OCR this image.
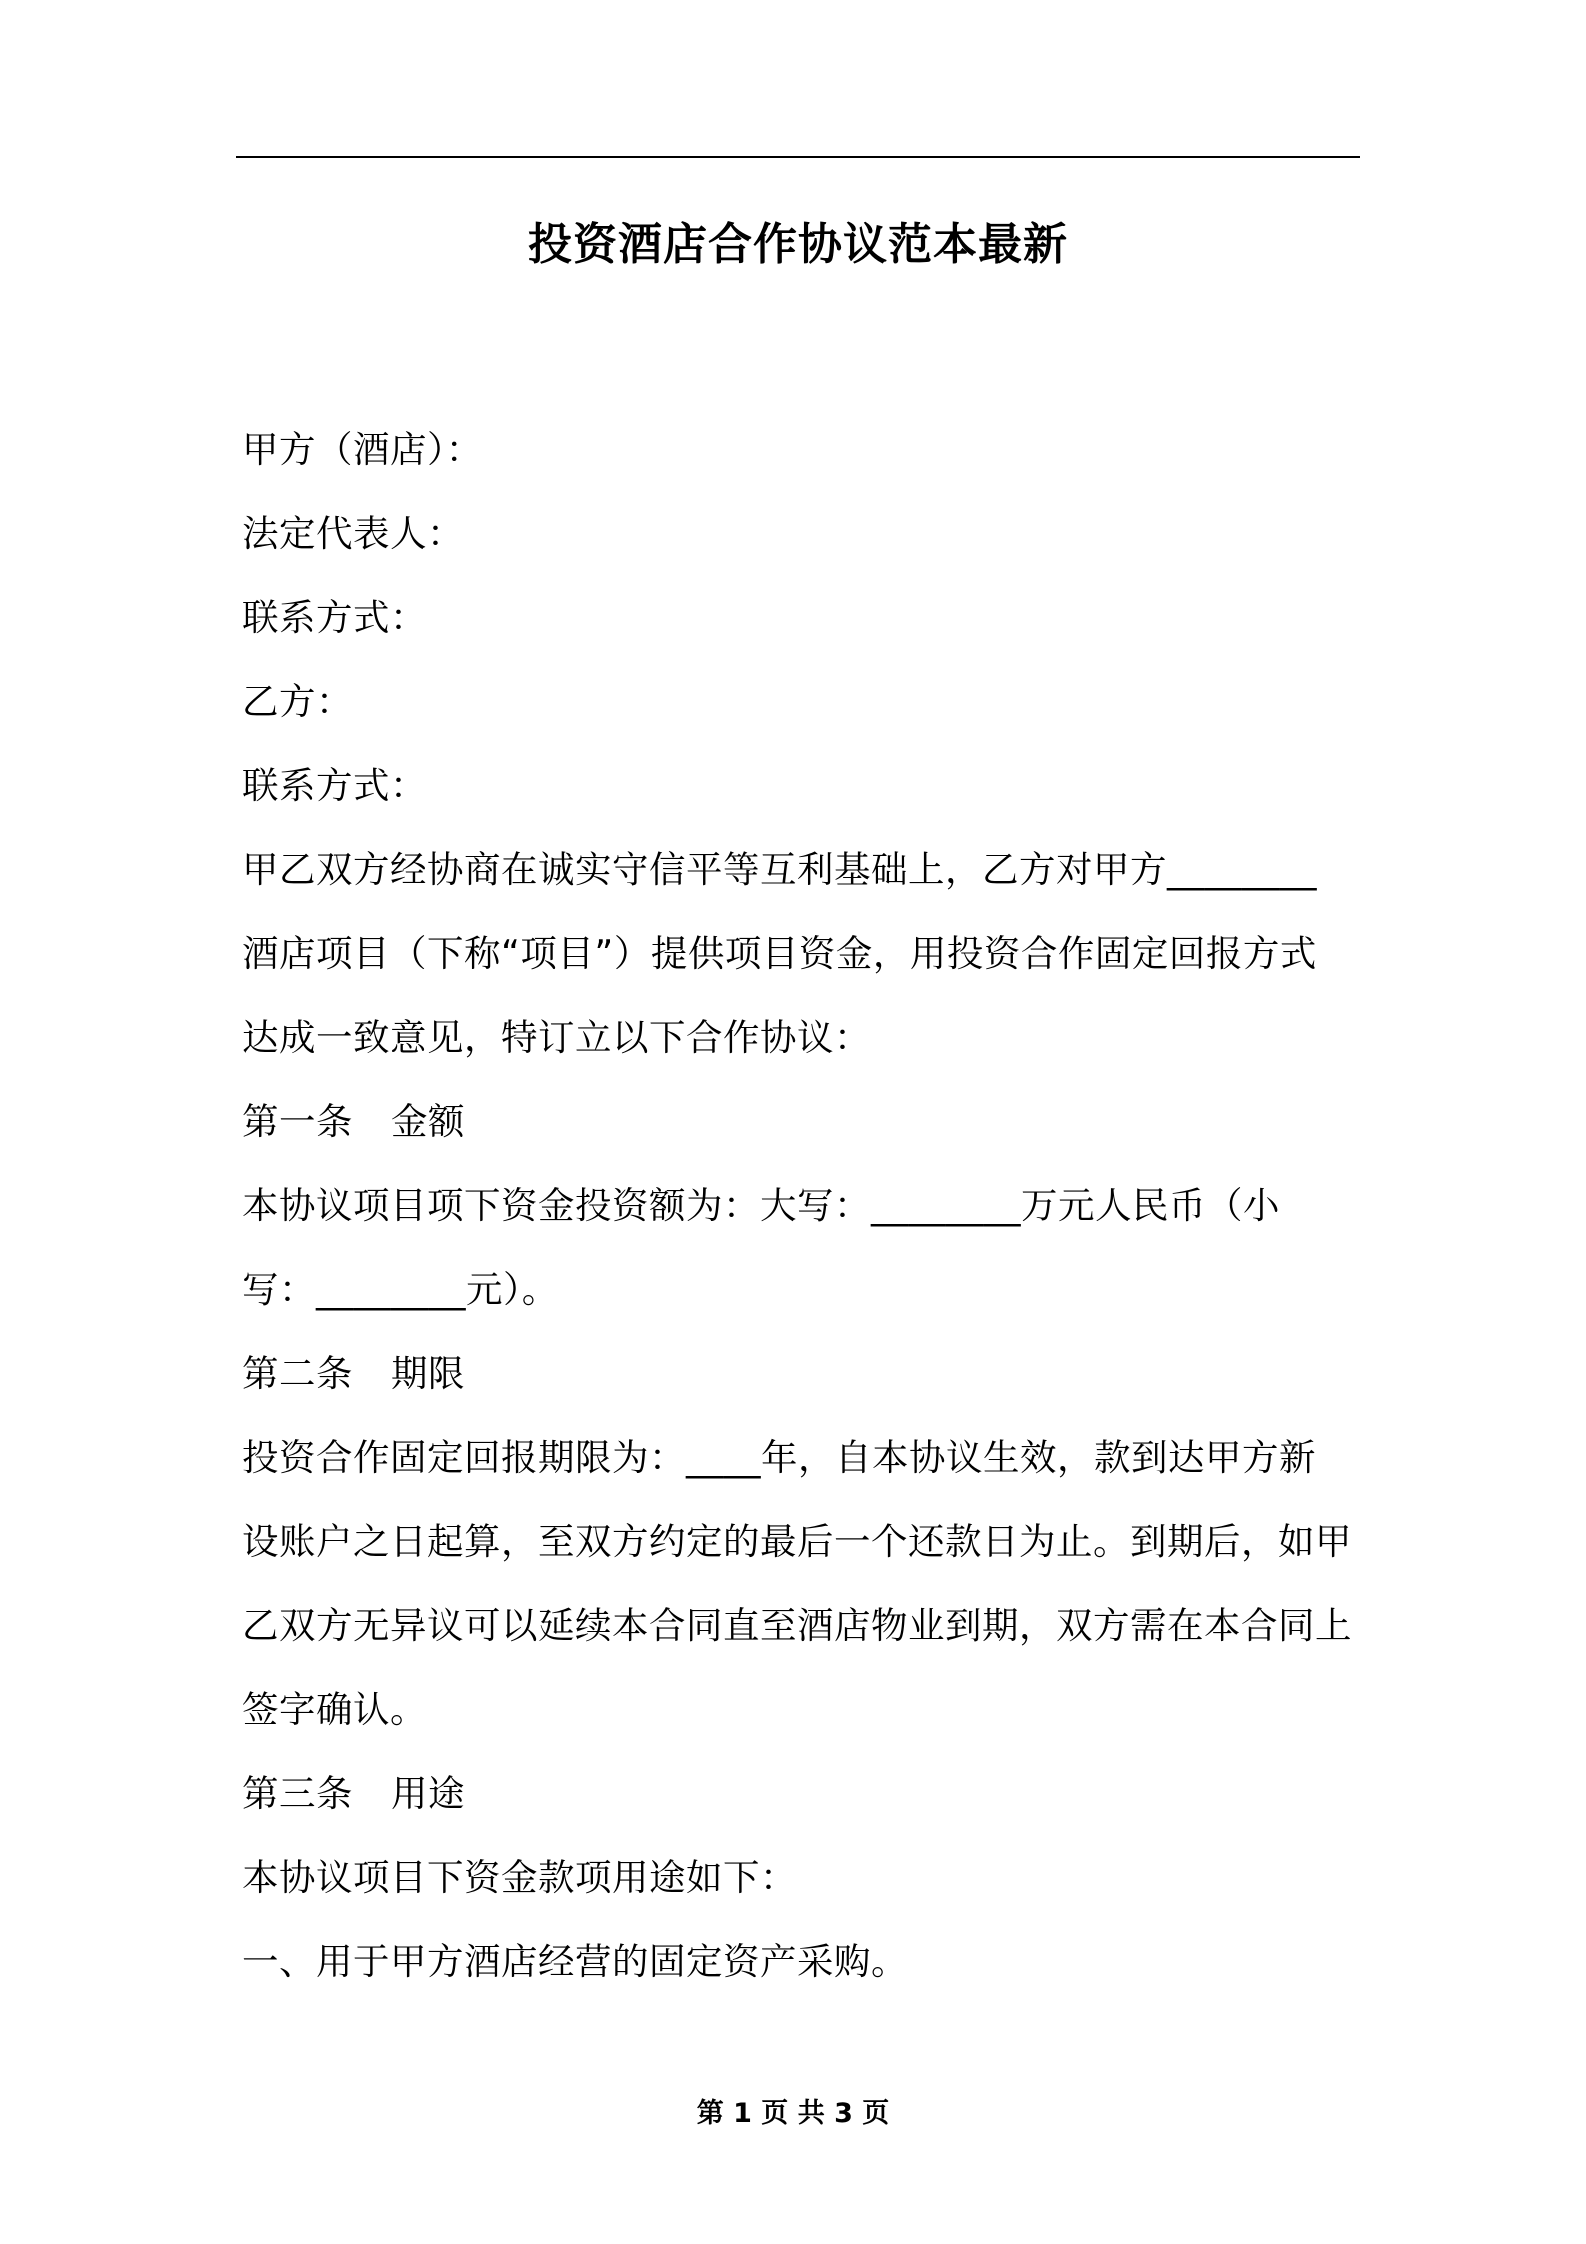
投资酒店合作协议范本最新
甲方（酒店）：
法定代表人：
联系方式：
乙方：
联系方式：
甲乙双方经协商在诚实守信平等互利基础上，乙方对甲方________
酒店项目（下称“项目”）提供项目资金，用投资合作固定回报方式
达成一致意见，特订立以下合作协议：
第一条 金额
本协议项目项下资金投资额为：大写：________万元人民币（小
写：________元）。
第二条 期限
投资合作固定回报期限为：____年，自本协议生效，款到达甲方新
设账户之日起算，至双方约定的最后一个还款日为止。到期后，如甲
乙双方无异议可以延续本合同直至酒店物业到期，双方需在本合同上
签字确认。
第三条 用途
本协议项目下资金款项用途如下：
一、用于甲方酒店经营的固定资产采购。
第 1 页 共 3 页
